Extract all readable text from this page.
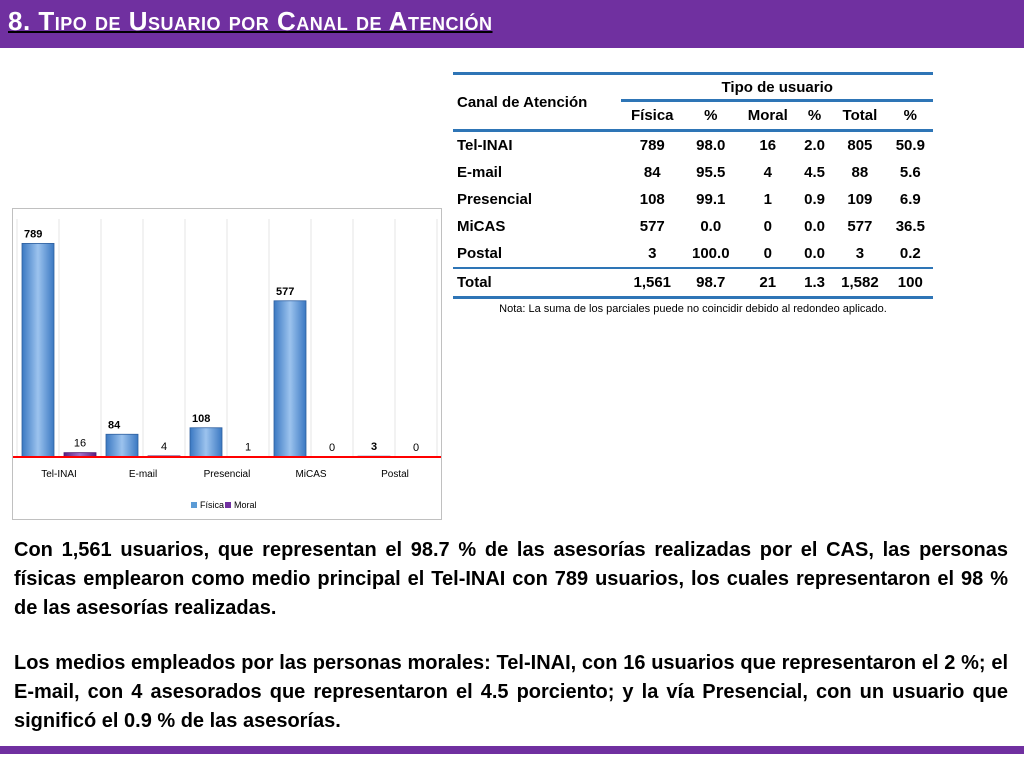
8. Tipo de Usuario por Canal de Atención
Canal de Atención	Tipo de usuario					
	Física	%	Moral	%	Total	%
Tel-INAI	789	98.0	16	2.0	805	50.9
E-mail	84	95.5	4	4.5	88	5.6
Presencial	108	99.1	1	0.9	109	6.9
MiCAS	577	0.0	0	0.0	577	36.5
Postal	3	100.0	0	0.0	3	0.2
Total	1,561	98.7	21	1.3	1,582	100
Nota: La suma de los parciales puede no coincidir debido al redondeo aplicado.
789
16
Tel-INAI
84
4
E-mail
108
1
Presencial
577
0
MiCAS
3	0
Postal
Física Moral

Con 1,561 usuarios, que representan el 98.7 % de las asesorías realizadas por el CAS, las personas físicas emplearon como medio principal el Tel-INAI con 789 usuarios, los cuales representaron el 98 % de las asesorías realizadas.

Los medios empleados por las personas morales: Tel-INAI, con 16 usuarios que representaron el 2 %; el E-mail, con 4 asesorados que representaron el 4.5 porciento; y la vía Presencial, con un usuario que significó el 0.9 % de las asesorías.
